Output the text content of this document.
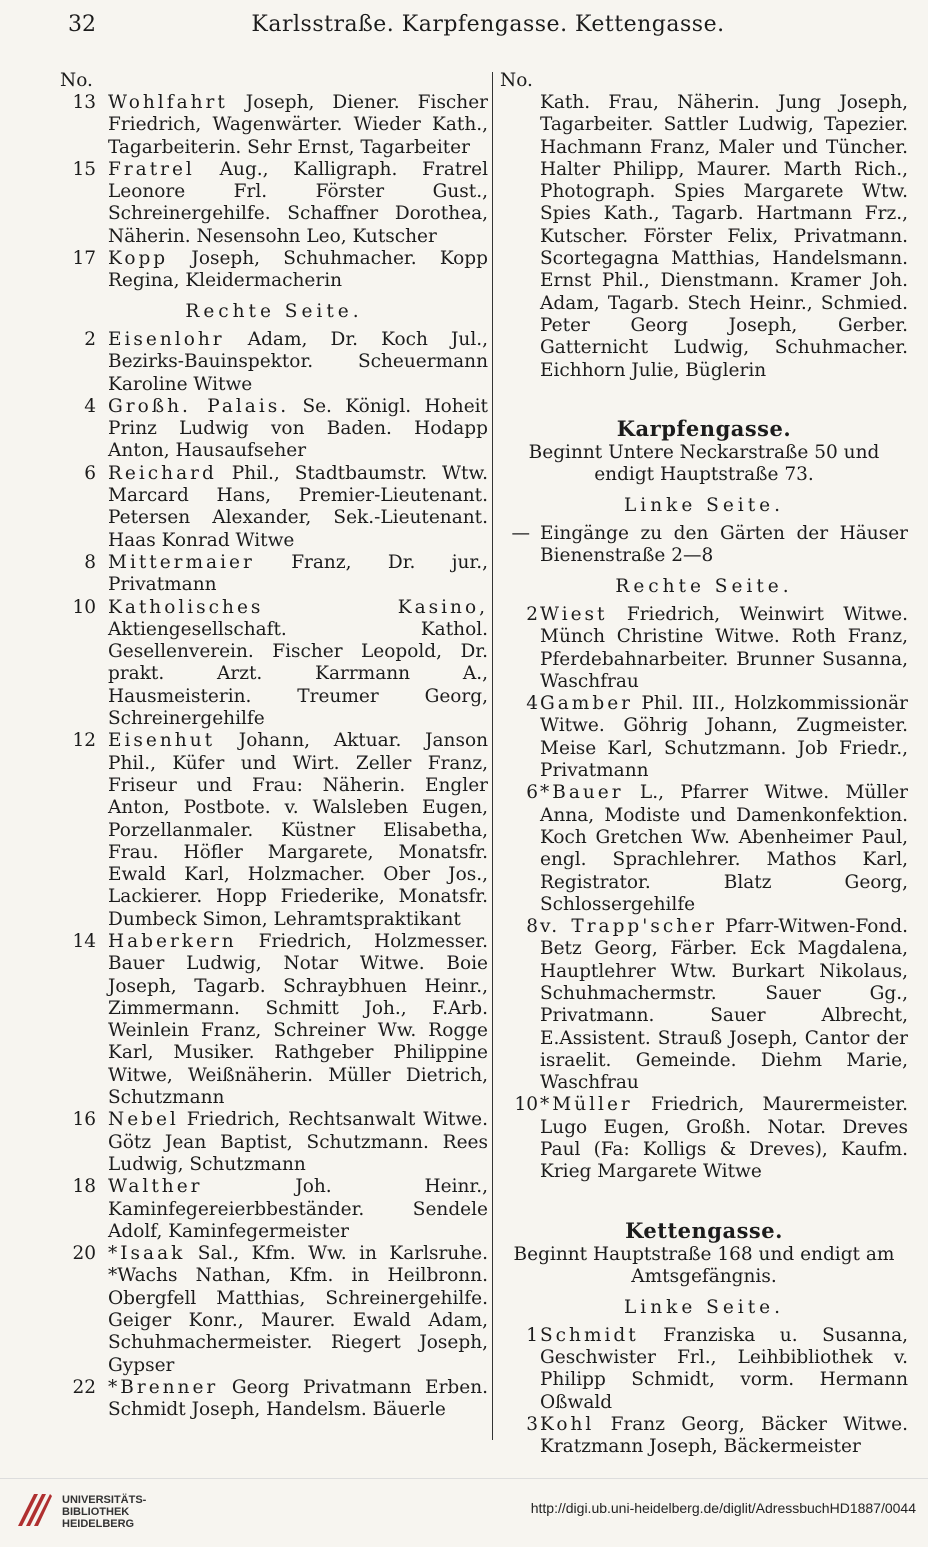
32	Karlsstraße. Karpfengasse. Kettengasse.
No.
13 Wohlfahrt Joseph, Diener. Fischer Friedrich, Wagenwärter. Wieder Kath., Tagarbeiterin. Sehr Ernst, Tagarbeiter

15 Fratrel Aug., Kalligraph. Fratrel Leonore Frl. Förster Gust., Schreinergehilfe. Schaffner Dorothea, Näherin. Nesensohn Leo, Kutscher

17 Kopp Joseph, Schuhmacher. Kopp Regina, Kleidermacherin

Rechte Seite.
2 Eisenlohr Adam, Dr. Koch Jul., Bezirks-Bauinspektor. Scheuermann Karoline Witwe

4 Großh. Palais. Se. Königl. Hoheit Prinz Ludwig von Baden. Hodapp Anton, Hausaufseher

6 Reichard Phil., Stadtbaumstr. Wtw. Marcard Hans, Premier-Lieutenant. Petersen Alexander, Sek.-Lieutenant. Haas Konrad Witwe

8 Mittermaier Franz, Dr. jur., Privatmann

10 Katholisches Kasino, Aktiengesellschaft. Kathol. Gesellenverein. Fischer Leopold, Dr. prakt. Arzt. Karrmann A., Hausmeisterin. Treumer Georg, Schreinergehilfe

12 Eisenhut Johann, Aktuar. Janson Phil., Küfer und Wirt. Zeller Franz, Friseur und Frau: Näherin. Engler Anton, Postbote. v. Walsleben Eugen, Porzellanmaler. Küstner Elisabetha, Frau. Höfler Margarete, Monatsfr. Ewald Karl, Holzmacher. Ober Jos., Lackierer. Hopp Friederike, Monatsfr. Dumbeck Simon, Lehramtspraktikant

14 Haberkern Friedrich, Holzmesser. Bauer Ludwig, Notar Witwe. Boie Joseph, Tagarb. Schraybhuen Heinr., Zimmermann. Schmitt Joh., F.Arb. Weinlein Franz, Schreiner Ww. Rogge Karl, Musiker. Rathgeber Philippine Witwe, Weißnäherin. Müller Dietrich, Schutzmann

16 Nebel Friedrich, Rechtsanwalt Witwe. Götz Jean Baptist, Schutzmann. Rees Ludwig, Schutzmann

18 Walther Joh. Heinr., Kaminfegereierbbeständer. Sendele Adolf, Kaminfegermeister

20 *Isaak Sal., Kfm. Ww. in Karlsruhe. *Wachs Nathan, Kfm. in Heilbronn. Obergfell Matthias, Schreinergehilfe. Geiger Konr., Maurer. Ewald Adam, Schuhmachermeister. Riegert Joseph, Gypser

22 *Brenner Georg Privatmann Erben. Schmidt Joseph, Handelsm. Bäuerle

No.

Kath. Frau, Näherin. Jung Joseph, Tagarbeiter. Sattler Ludwig, Tapezier. Hachmann Franz, Maler und Tüncher. Halter Philipp, Maurer. Marth Rich., Photograph. Spies Margarete Wtw. Spies Kath., Tagarb. Hartmann Frz., Kutscher. Förster Felix, Privatmann. Scortegagna Matthias, Handelsmann. Ernst Phil., Dienstmann. Kramer Joh. Adam, Tagarb. Stech Heinr., Schmied. Peter Georg Joseph, Gerber. Gatternicht Ludwig, Schuhmacher. Eichhorn Julie, Büglerin

Karpfengasse.
Beginnt Untere Neckarstraße 50 und endigt Hauptstraße 73.
Linke Seite.
— Eingänge zu den Gärten der Häuser Bienenstraße 2—8

Rechte Seite.
2 Wiest Friedrich, Weinwirt Witwe. Münch Christine Witwe. Roth Franz, Pferdebahnarbeiter. Brunner Susanna, Waschfrau

4 Gamber Phil. III., Holzkommissionär Witwe. Göhrig Johann, Zugmeister. Meise Karl, Schutzmann. Job Friedr., Privatmann

6 *Bauer L., Pfarrer Witwe. Müller Anna, Modiste und Damenkonfektion. Koch Gretchen Ww. Abenheimer Paul, engl. Sprachlehrer. Mathos Karl, Registrator. Blatz Georg, Schlossergehilfe

8 v. Trapp'scher Pfarr-Witwen-Fond. Betz Georg, Färber. Eck Magdalena, Hauptlehrer Wtw. Burkart Nikolaus, Schuhmachermstr. Sauer Gg., Privatmann. Sauer Albrecht, E.Assistent. Strauß Joseph, Cantor der israelit. Gemeinde. Diehm Marie, Waschfrau

10 *Müller Friedrich, Maurermeister. Lugo Eugen, Großh. Notar. Dreves Paul (Fa: Kolligs & Dreves), Kaufm. Krieg Margarete Witwe

Kettengasse.
Beginnt Hauptstraße 168 und endigt am Amtsgefängnis.
Linke Seite.
1 Schmidt Franziska u. Susanna, Geschwister Frl., Leihbibliothek v. Philipp Schmidt, vorm. Hermann Oßwald

3 Kohl Franz Georg, Bäcker Witwe. Kratzmann Joseph, Bäckermeister

UNIVERSITÄTS-
BIBLIOTHEK
HEIDELBERG
http://digi.ub.uni-heidelberg.de/diglit/AdressbuchHD1887/0044
